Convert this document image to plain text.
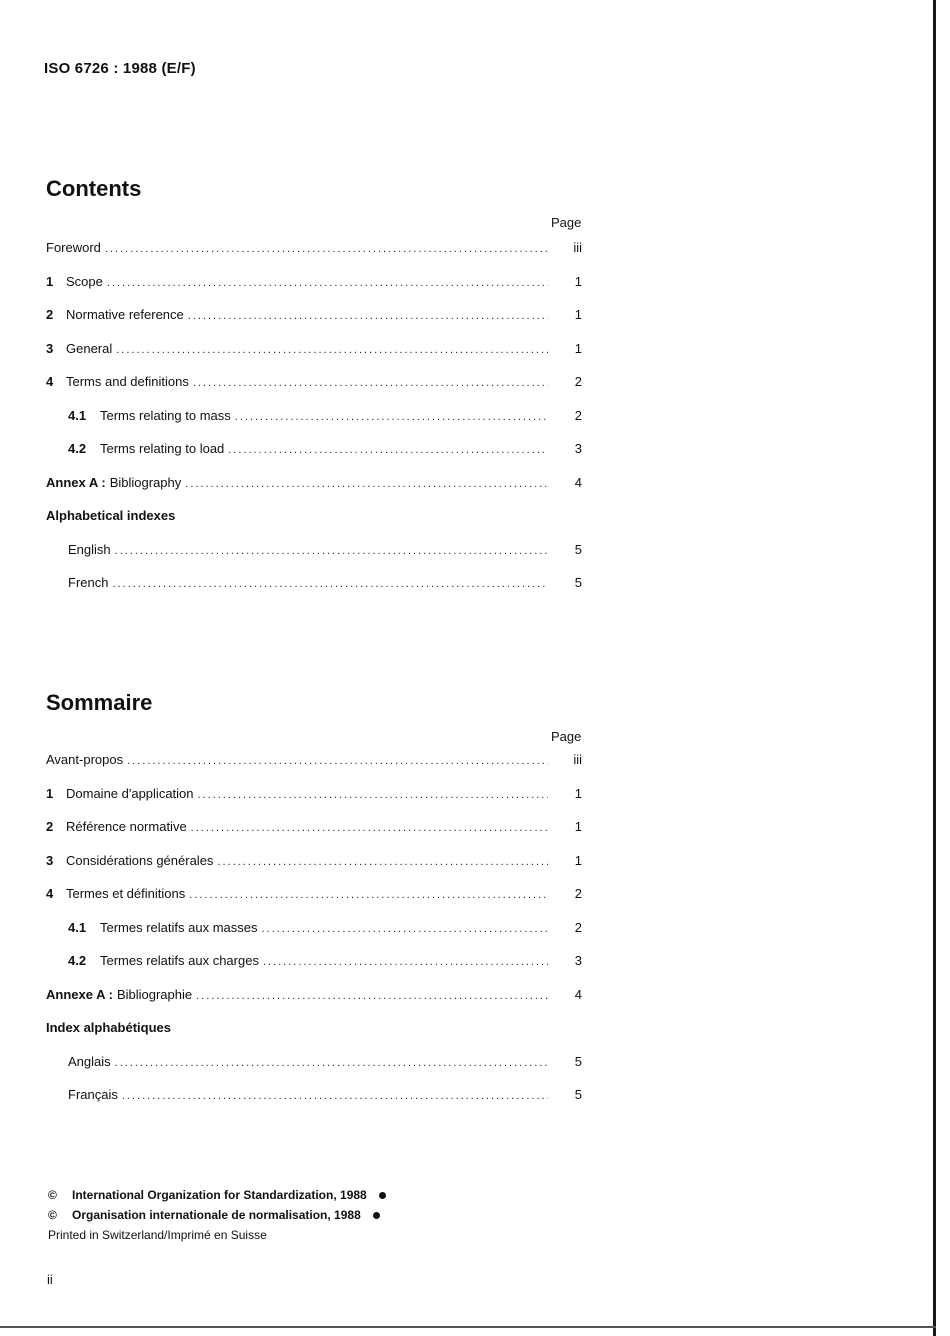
ISO 6726 : 1988 (E/F)
Contents
Page
Foreword .....	iii
1 Scope .....	1
2 Normative reference .....	1
3 General .....	1
4 Terms and definitions .....	2
4.1	Terms relating to mass .....	2
4.2	Terms relating to load .....	3
Annex A : Bibliography .....	4
Alphabetical indexes
English .....	5
French .....	5
Sommaire
Page
Avant-propos .....	iii
1 Domaine d'application .....	1
2 Référence normative .....	1
3 Considérations générales .....	1
4 Termes et définitions .....	2
4.1	Termes relatifs aux masses .....	2
4.2	Termes relatifs aux charges .....	3
Annexe A : Bibliographie .....	4
Index alphabétiques
Anglais .....	5
Français .....	5
©	International Organization for Standardization, 1988
©	Organisation internationale de normalisation, 1988
Printed in Switzerland/Imprimé en Suisse
ii
